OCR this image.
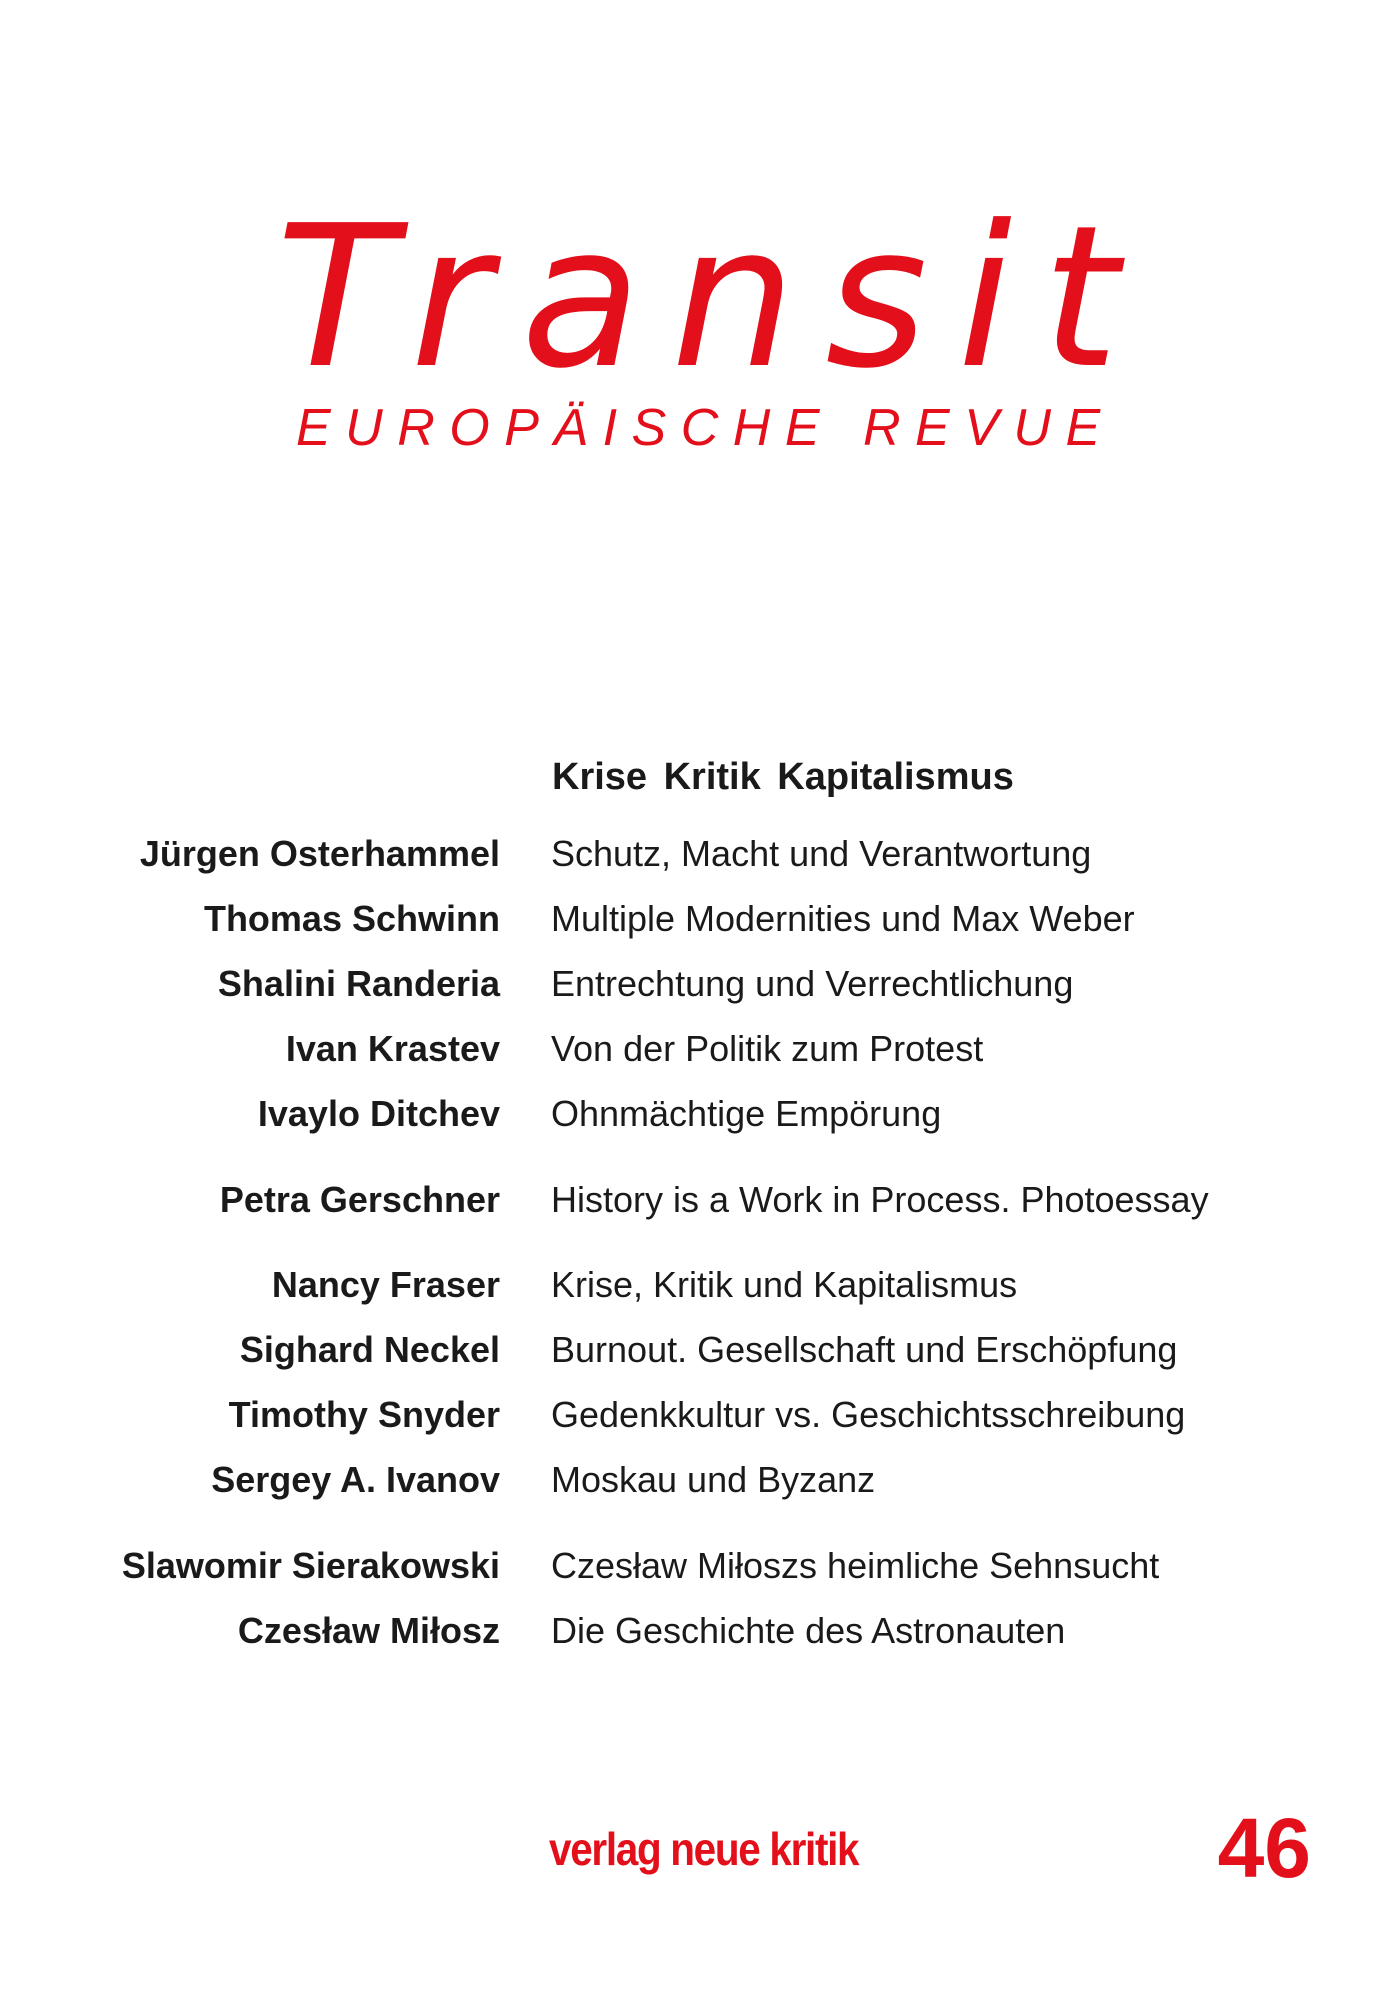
Transit
EUROPÄISCHE REVUE
Krise Kritik Kapitalismus
Jürgen Osterhammel Schutz, Macht und Verantwortung
Thomas Schwinn Multiple Modernities und Max Weber
Shalini Randeria Entrechtung und Verrechtlichung
Ivan Krastev Von der Politik zum Protest
Ivaylo Ditchev Ohnmächtige Empörung
Petra Gerschner History is a Work in Process. Photoessay
Nancy Fraser Krise, Kritik und Kapitalismus
Sighard Neckel Burnout. Gesellschaft und Erschöpfung
Timothy Snyder Gedenkkultur vs. Geschichtsschreibung
Sergey A. Ivanov Moskau und Byzanz
Slawomir Sierakowski Czesław Miłoszs heimliche Sehnsucht
Czesław Miłosz Die Geschichte des Astronauten
verlag neue kritik	46
